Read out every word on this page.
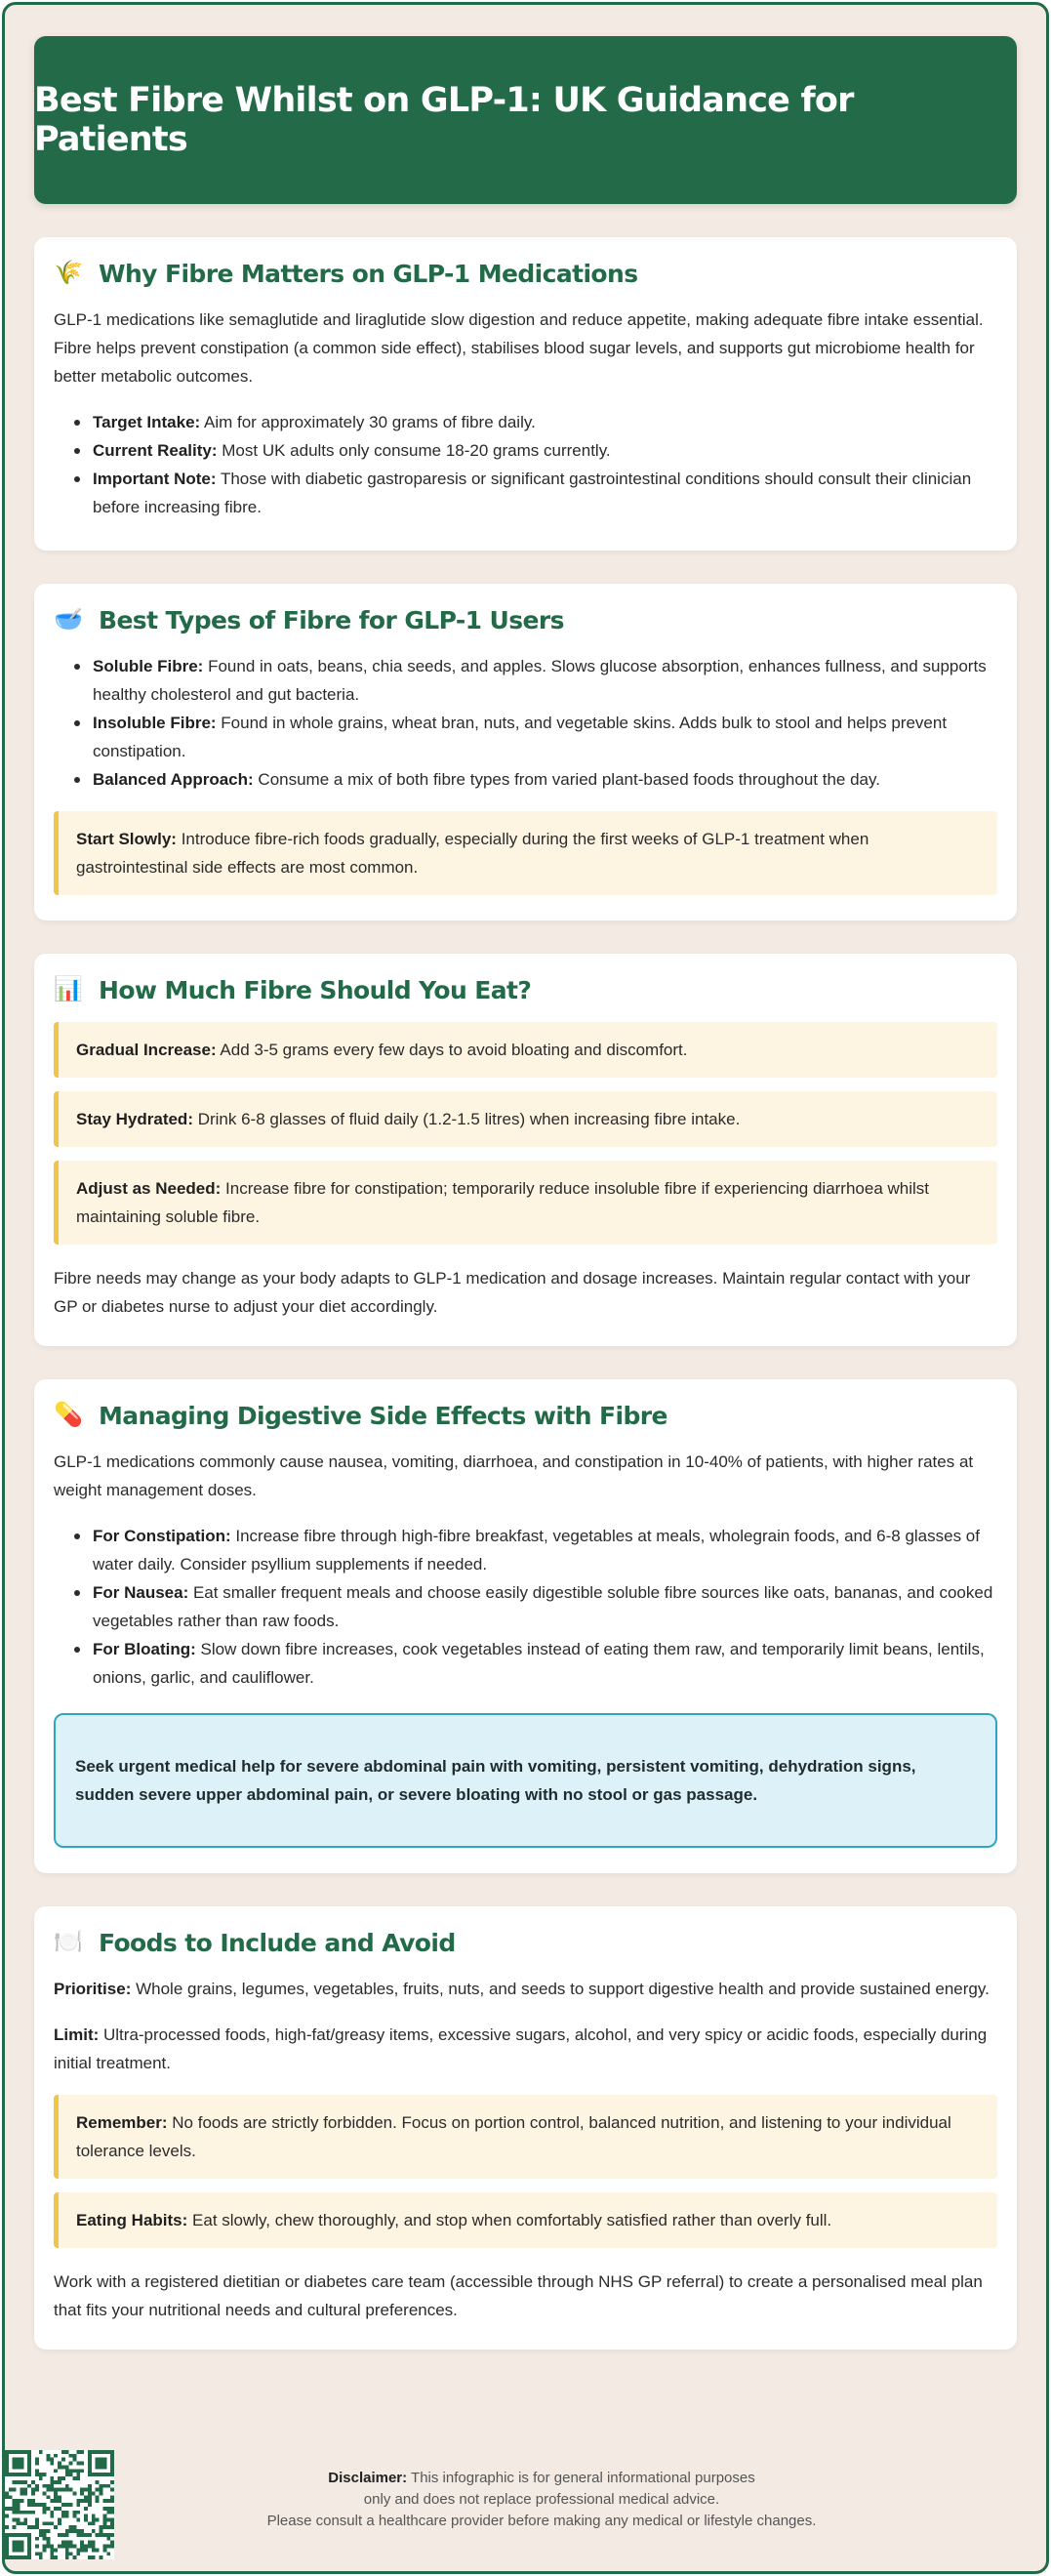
Best Fibre Whilst on GLP-1: UK Guidance for Patients
🌾 Why Fibre Matters on GLP-1 Medications

GLP-1 medications like semaglutide and liraglutide slow digestion and reduce appetite, making adequate fibre intake essential. Fibre helps prevent constipation (a common side effect), stabilises blood sugar levels, and supports gut microbiome health for better metabolic outcomes.

Target Intake: Aim for approximately 30 grams of fibre daily.
Current Reality: Most UK adults only consume 18-20 grams currently.
Important Note: Those with diabetic gastroparesis or significant gastrointestinal conditions should consult their clinician before increasing fibre.
🥣 Best Types of Fibre for GLP-1 Users
Soluble Fibre: Found in oats, beans, chia seeds, and apples. Slows glucose absorption, enhances fullness, and supports healthy cholesterol and gut bacteria.
Insoluble Fibre: Found in whole grains, wheat bran, nuts, and vegetable skins. Adds bulk to stool and helps prevent constipation.
Balanced Approach: Consume a mix of both fibre types from varied plant-based foods throughout the day.
Start Slowly: Introduce fibre-rich foods gradually, especially during the first weeks of GLP-1 treatment when gastrointestinal side effects are most common.
📊 How Much Fibre Should You Eat?
Gradual Increase: Add 3-5 grams every few days to avoid bloating and discomfort.
Stay Hydrated: Drink 6-8 glasses of fluid daily (1.2-1.5 litres) when increasing fibre intake.
Adjust as Needed: Increase fibre for constipation; temporarily reduce insoluble fibre if experiencing diarrhoea whilst maintaining soluble fibre.

Fibre needs may change as your body adapts to GLP-1 medication and dosage increases. Maintain regular contact with your GP or diabetes nurse to adjust your diet accordingly.

💊 Managing Digestive Side Effects with Fibre

GLP-1 medications commonly cause nausea, vomiting, diarrhoea, and constipation in 10-40% of patients, with higher rates at weight management doses.

For Constipation: Increase fibre through high-fibre breakfast, vegetables at meals, wholegrain foods, and 6-8 glasses of water daily. Consider psyllium supplements if needed.
For Nausea: Eat smaller frequent meals and choose easily digestible soluble fibre sources like oats, bananas, and cooked vegetables rather than raw foods.
For Bloating: Slow down fibre increases, cook vegetables instead of eating them raw, and temporarily limit beans, lentils, onions, garlic, and cauliflower.
Seek urgent medical help for severe abdominal pain with vomiting, persistent vomiting, dehydration signs, sudden severe upper abdominal pain, or severe bloating with no stool or gas passage.
🍽️ Foods to Include and Avoid

Prioritise: Whole grains, legumes, vegetables, fruits, nuts, and seeds to support digestive health and provide sustained energy.

Limit: Ultra-processed foods, high-fat/greasy items, excessive sugars, alcohol, and very spicy or acidic foods, especially during initial treatment.

Remember: No foods are strictly forbidden. Focus on portion control, balanced nutrition, and listening to your individual tolerance levels.
Eating Habits: Eat slowly, chew thoroughly, and stop when comfortably satisfied rather than overly full.

Work with a registered dietitian or diabetes care team (accessible through NHS GP referral) to create a personalised meal plan that fits your nutritional needs and cultural preferences.

Disclaimer: This infographic is for general informational purposes
only and does not replace professional medical advice.
Please consult a healthcare provider before making any medical or lifestyle changes.
